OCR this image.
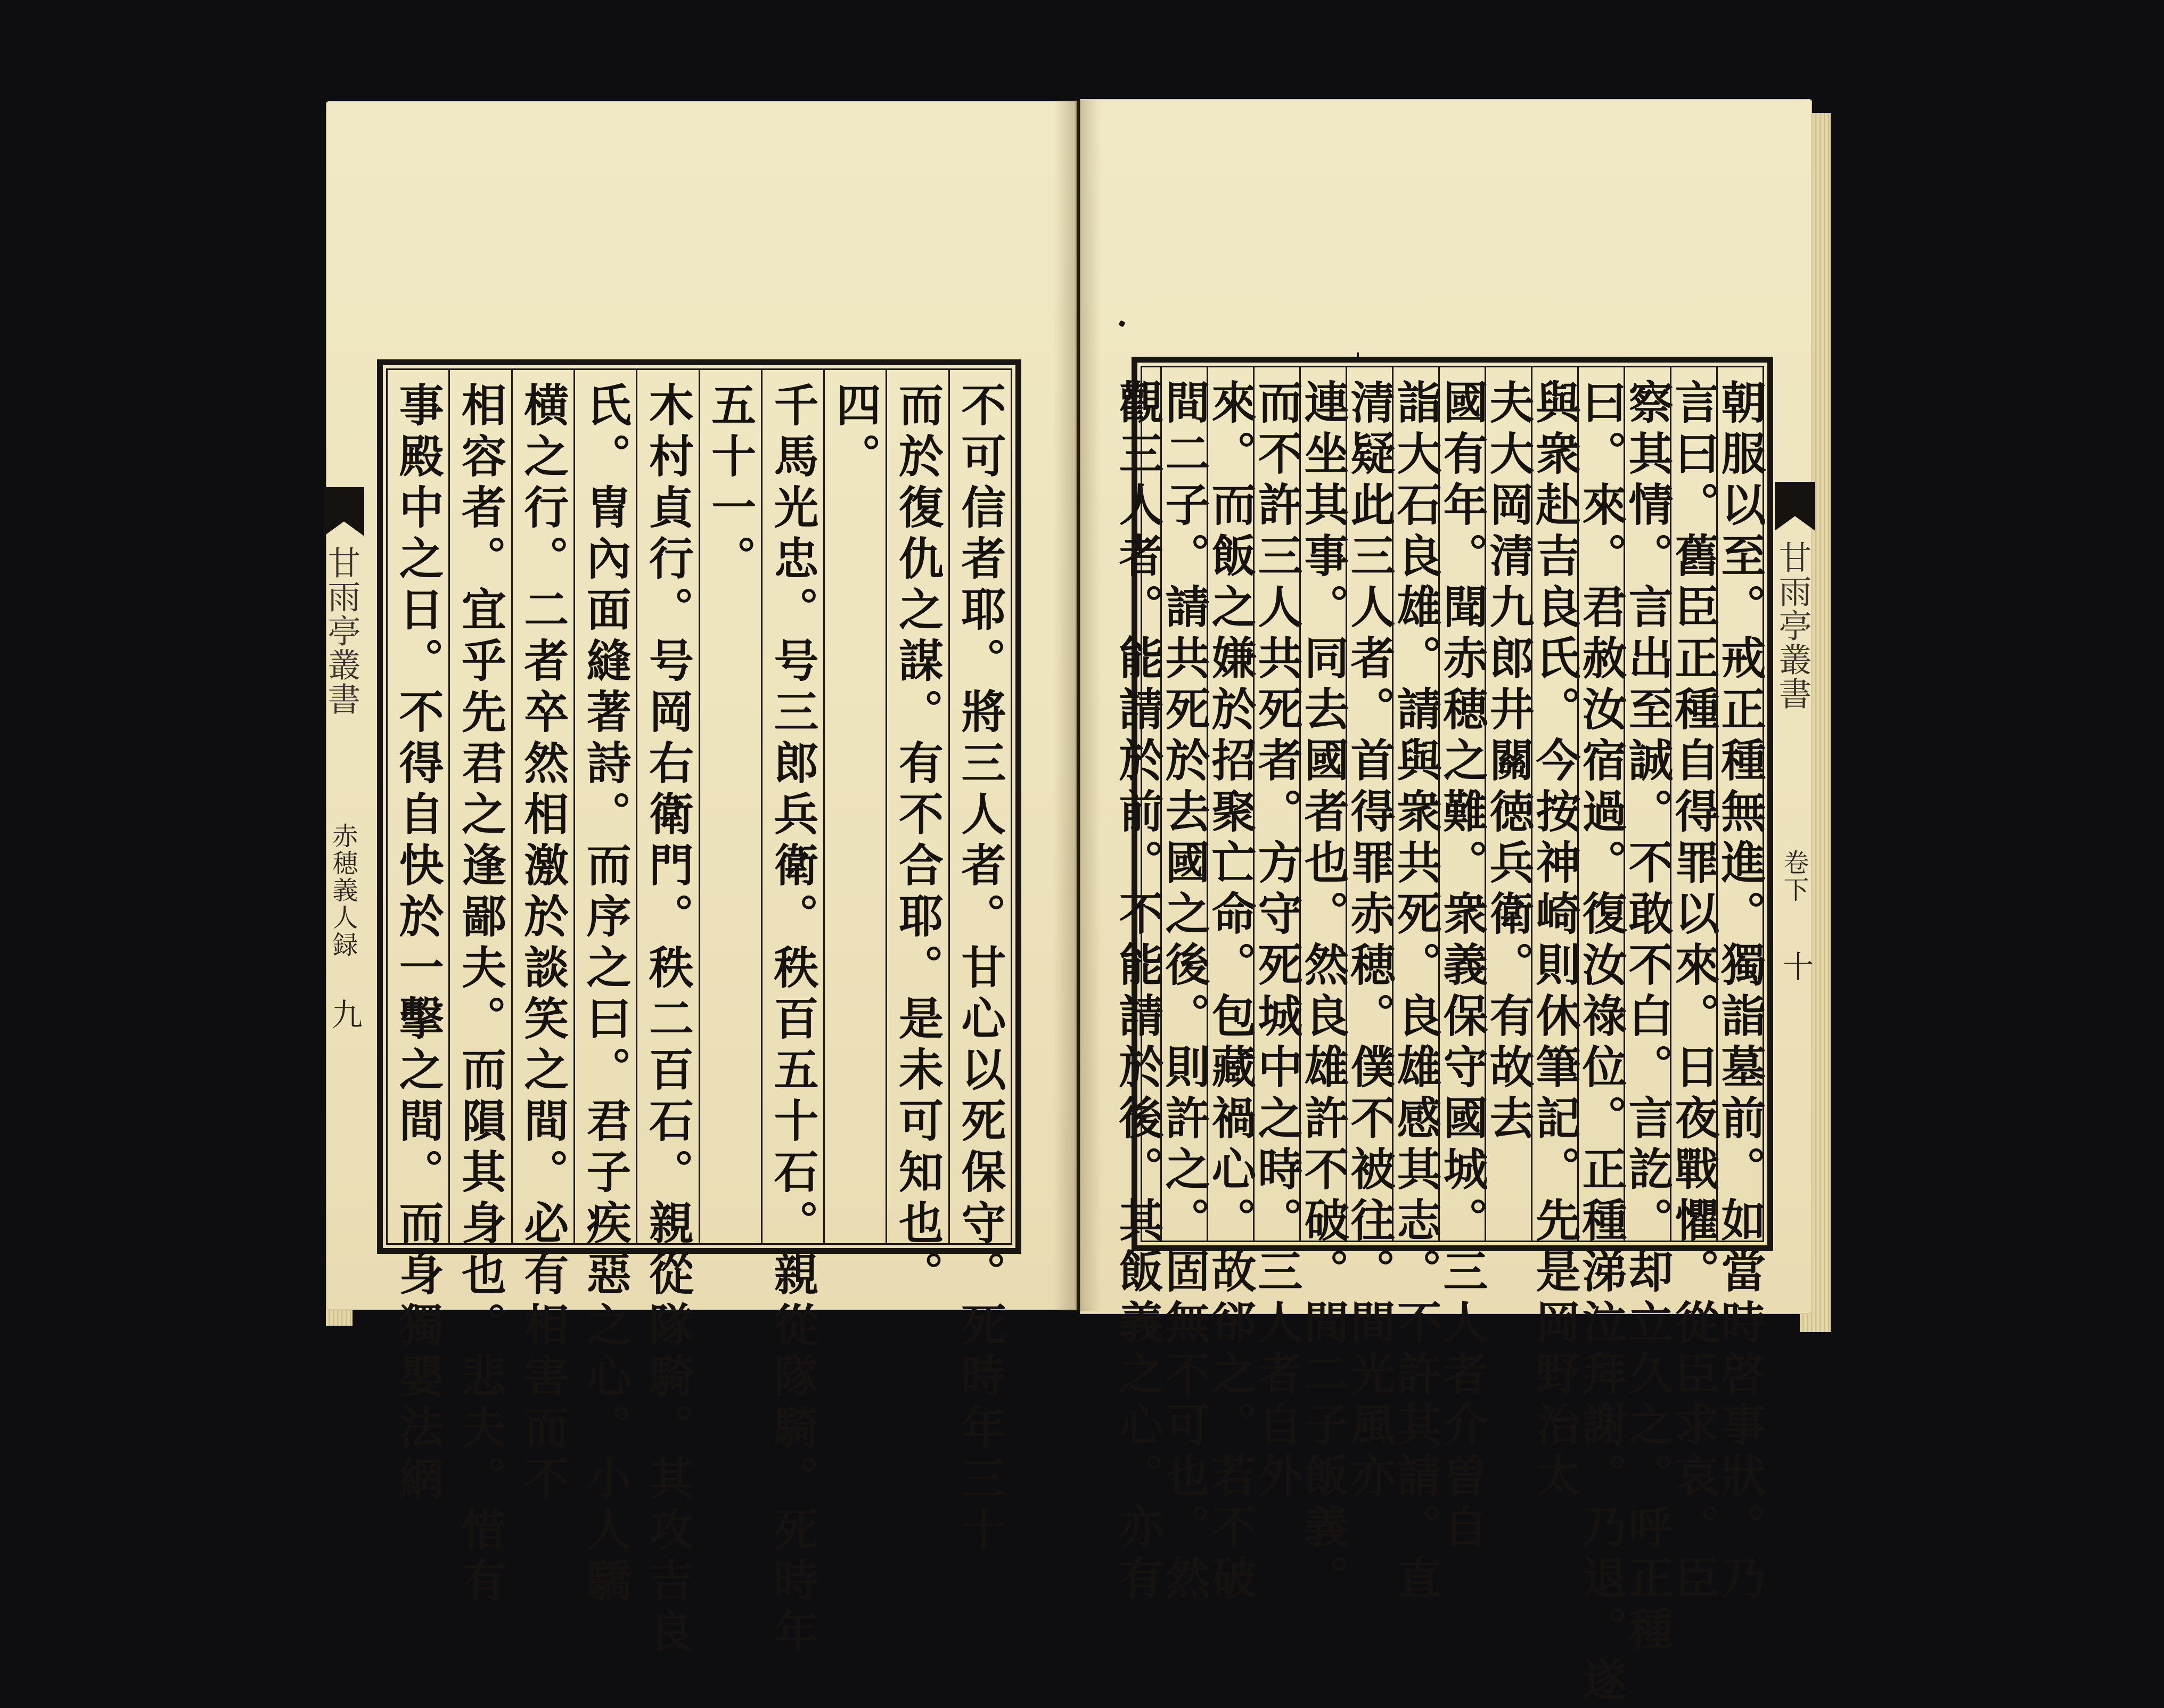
不可信者耶。將三人者。甘心以死保守。死時年三十
而於復仇之謀。有不合耶。是未可知也。
四。
千馬光忠。号三郎兵衛。秩百五十石。親從隊騎。死時年
五十一。
木村貞行。号岡右衛門。秩二百石。親從隊騎。其攻吉良
氏。冑內面縫著詩。而序之曰。君子疾惡之心。小人驕
横之行。二者卒然相激於談笑之間。必有相害而不
相容者。宜乎先君之逢鄙夫。而隕其身也。悲夫。惜有
事殿中之日。不得自快於一擊之間。而身獨嬰法網
甘雨亭叢書
赤穂義人録
九	朝服以至。戒正種無進。獨詣墓前。如當時啓事狀。乃
言曰。舊臣正種自得罪以來。日夜戰懼。從臣求哀。臣
察其情。言出至誠。不敢不白。言訖。却立久之。呼正種
曰。來。君赦汝宿過。復汝祿位。正種涕泣拜謝。乃退。遂
與衆赴吉良氏。今按神崎則休筆記。先是岡野治太
夫大岡清九郎井關徳兵衛。有故去
國有年。聞赤穂之難。衆義保守國城。三人者介曽自
詣大石良雄。請與衆共死。良雄感其志。不許其請。直
清疑此三人者。首得罪赤穂。僕不被往。間光風亦
連坐其事。同去國者也。然良雄許不破。間二子飯義。
而不許三人共死者。方守死城中之時。三人者自外
來。而飯之嫌於招聚亡命。包藏禍心。故郤之。若不破
間二子。請共死於去國之後。則許之。固無不可也。然
觀三人者。能請於前。不能請於後。其飯義之心。亦有	甘雨亭叢書
卷下
十
